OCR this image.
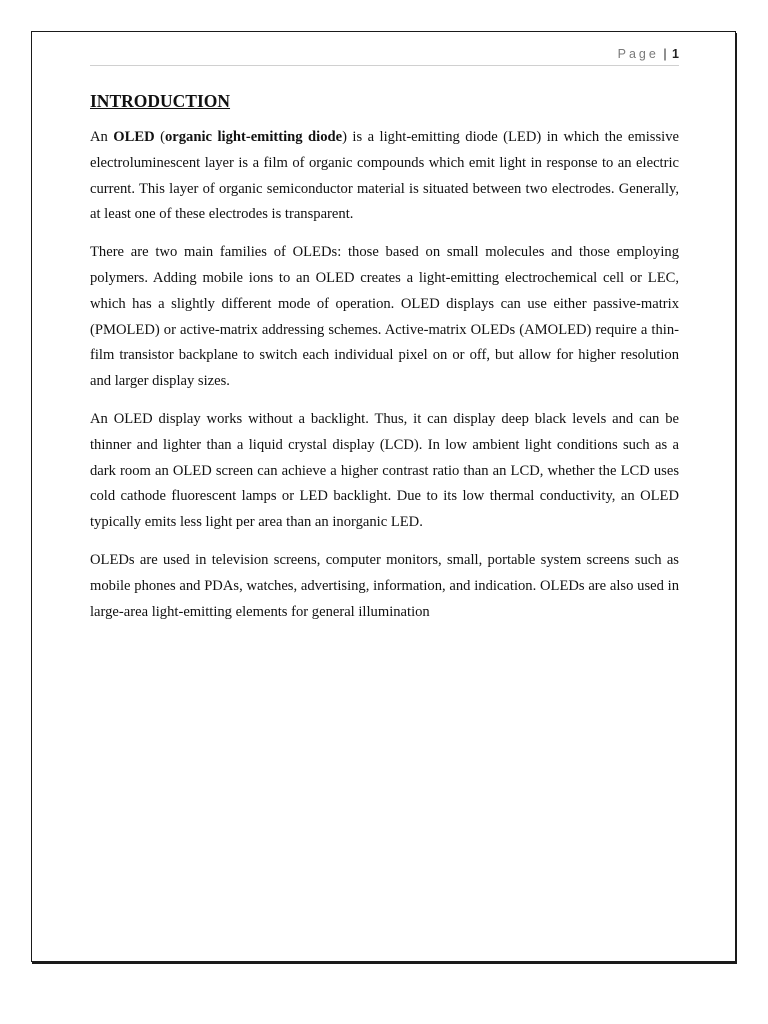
Page | 1
INTRODUCTION

An OLED (organic light-emitting diode) is a light-emitting diode (LED) in which the emissive electroluminescent layer is a film of organic compounds which emit light in response to an electric current. This layer of organic semiconductor material is situated between two electrodes. Generally, at least one of these electrodes is transparent.

There are two main families of OLEDs: those based on small molecules and those employing polymers. Adding mobile ions to an OLED creates a light-emitting electrochemical cell or LEC, which has a slightly different mode of operation. OLED displays can use either passive-matrix (PMOLED) or active-matrix addressing schemes. Active-matrix OLEDs (AMOLED) require a thin-film transistor backplane to switch each individual pixel on or off, but allow for higher resolution and larger display sizes.

An OLED display works without a backlight. Thus, it can display deep black levels and can be thinner and lighter than a liquid crystal display (LCD). In low ambient light conditions such as a dark room an OLED screen can achieve a higher contrast ratio than an LCD, whether the LCD uses cold cathode fluorescent lamps or LED backlight. Due to its low thermal conductivity, an OLED typically emits less light per area than an inorganic LED.

OLEDs are used in television screens, computer monitors, small, portable system screens such as mobile phones and PDAs, watches, advertising, information, and indication. OLEDs are also used in large-area light-emitting elements for general illumination
